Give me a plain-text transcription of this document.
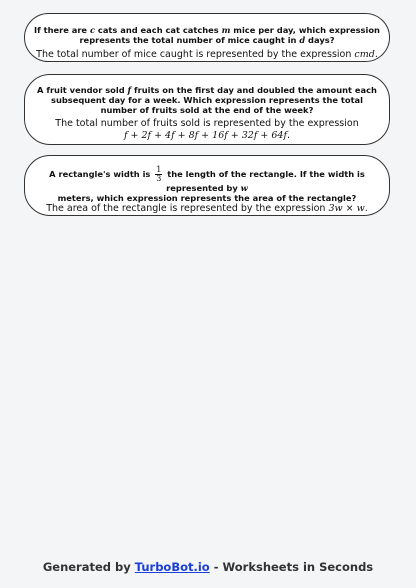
If there are c cats and each cat catches m mice per day, which expression represents the total number of mice caught in d days?

The total number of mice caught is represented by the expression cmd.

A fruit vendor sold f fruits on the first day and doubled the amount each subsequent day for a week. Which expression represents the total number of fruits sold at the end of the week?

The total number of fruits sold is represented by the expression
f + 2f + 4f + 8f + 16f + 32f + 64f.

A rectangle's width is $\frac{1}{3}$ the length of the rectangle. If the width is represented by w
meters, which expression represents the area of the rectangle?

The area of the rectangle is represented by the expression 3w × w.

Generated by TurboBot.io - Worksheets in Seconds
